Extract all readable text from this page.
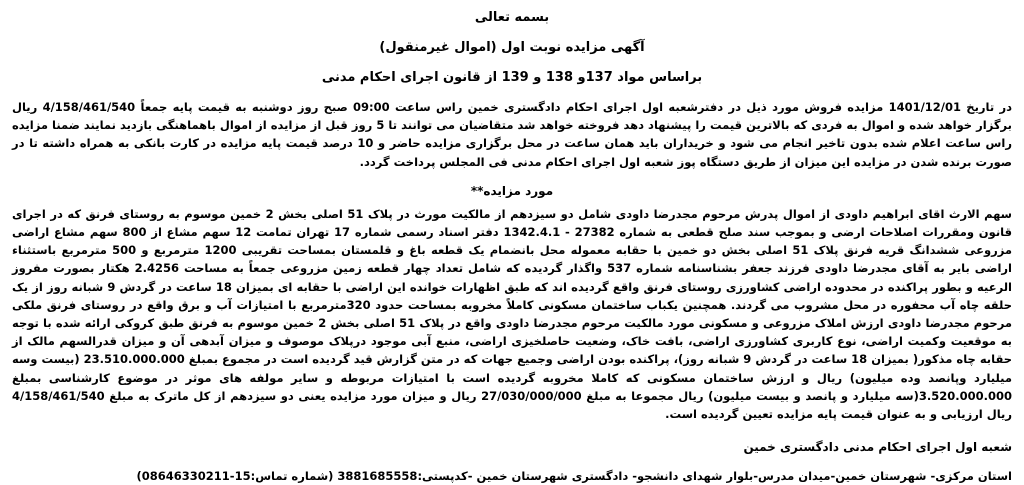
بسمه تعالی
آگهی مزایده نوبت اول (اموال غیرمنقول)
براساس مواد 137و 138 و 139 از قانون اجرای احکام مدنی

در تاریخ 1401/12/01 مزایده فروش مورد ذیل در دفترشعبه اول اجرای احکام دادگستری خمین راس ساعت 09:00 صبح روز دوشنبه به قیمت پایه جمعاً 4/158/461/540 ریال برگزار خواهد شده و اموال به فردی که بالاترین قیمت را پیشنهاد دهد فروخته خواهد شد متقاضیان می توانند تا 5 روز قبل از مزایده از اموال باهماهنگی بازدید نمایند ضمنا مزایده راس ساعت اعلام شده بدون تاخیر انجام می شود و خریداران باید همان ساعت در محل برگزاری مزایده حاضر و 10 درصد قیمت پایه مزایده در کارت بانکی به همراه داشته تا در صورت برنده شدن در مزایده این میزان از طریق دستگاه پوز شعبه اول اجرای احکام مدنی فی المجلس پرداخت گردد.

مورد مزایده**

سهم الارث اقای ابراهیم داودی از اموال پدرش مرحوم مجدرضا داودی شامل دو سیزدهم از مالکیت مورث در پلاک 51 اصلی بخش 2 خمین موسوم به روستای فرنق که در اجرای قانون ومقررات اصلاحات ارضی و بموجب سند صلح قطعی به شماره 27382 - 1342.4.1 دفتر اسناد رسمی شماره 17 تهران تمامت 12 سهم مشاع از 800 سهم مشاع اراضی مزروعی ششدانگ قریه فرنق پلاک 51 اصلی بخش دو خمین با حقابه معموله محل بانضمام یک قطعه باغ و قلمستان بمساحت تقریبی 1200 مترمربع و 500 مترمربع باستثناء اراضی بایر به آقای مجدرضا داودی فرزند جعفر بشناسنامه شماره 537 واگذار گردیده که شامل تعداد چهار قطعه زمین مزروعی جمعاً به مساحت 2.4256 هکتار بصورت مفروز الرعیه و بطور پراکنده در محدوده اراضی کشاورزی روستای فرنق واقع گردیده اند که طبق اظهارات خوانده این اراضی با حقابه ای بمیزان 18 ساعت در گردش 9 شبانه روز از یک حلقه چاه آب محفوره در محل مشروب می گردند. همچنین یکباب ساختمان مسکونی کاملاً مخروبه بمساحت حدود 320مترمربع با امتیازات آب و برق واقع در روستای فرنق ملکی مرحوم مجدرضا داودی ارزش املاک مزروعی و مسکونی مورد مالکیت مرحوم مجدرضا داودی واقع در پلاک 51 اصلی بخش 2 خمین موسوم به فرنق طبق کروکی ارائه شده با توجه به موقعیت وکمیت اراضی، نوع کاربری کشاورزی اراضی، بافت خاک، وضعیت حاصلخیزی اراضی، منبع آبی موجود درپلاک موصوف و میزان آبدهی آن و میزان قدرالسهم مالک از حقابه چاه مذکور( بمیزان 18 ساعت در گردش 9 شبانه روز)، پراکنده بودن اراضی وجمیع جهات که در متن گزارش قید گردیده است در مجموع بمبلغ 23.510.000.000 (بیست وسه میلیارد وپانصد وده میلیون) ریال و ارزش ساختمان مسکونی که کاملا مخروبه گردیده است با امتیازات مربوطه و سایر مولفه های موثر در موضوع کارشناسی بمبلغ 3.520.000.000(سه میلیارد و پانصد و بیست میلیون) ریال مجموعا به مبلغ 27/030/000/000 ریال و میزان مورد مزایده یعنی دو سیزدهم از کل ماترک به مبلغ 4/158/461/540 ریال ارزیابی و به عنوان قیمت پایه مزایده تعیین گردیده است.

شعبه اول اجرای احکام مدنی دادگستری خمین
استان مرکزی- شهرستان خمین-میدان مدرس-بلوار شهدای دانشجو- دادگستری شهرستان خمین -کدپستی:3881685558 (شماره تماس:15-08646330211)
